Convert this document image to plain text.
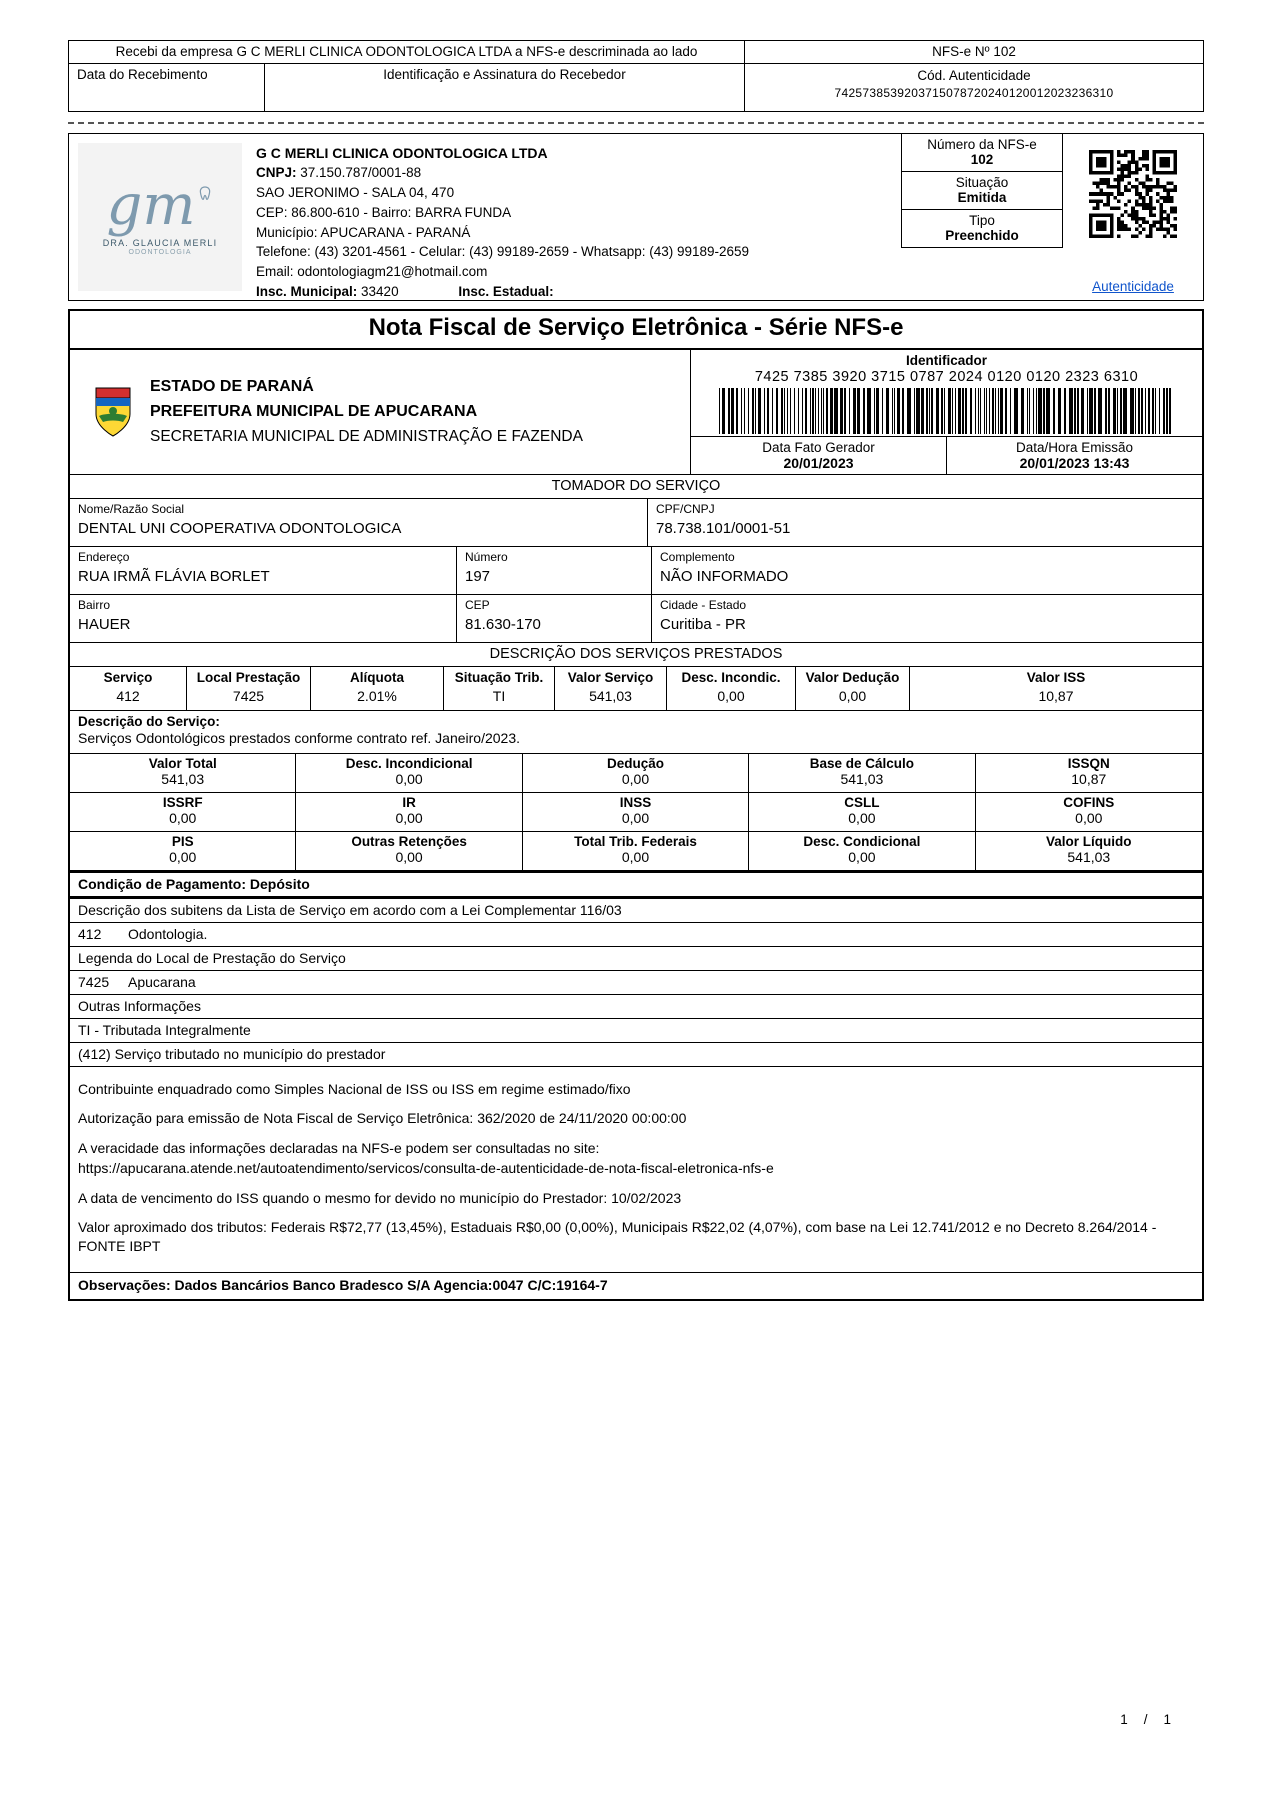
Recebi da empresa G C MERLI CLINICA ODONTOLOGICA LTDA a NFS-e descriminada ao lado
Data do Recebimento	Identificação e Assinatura do Recebedor
NFS-e Nº 102
Cód. Autenticidade
7425738539203715078720240120012023236310
gm
DRA. GLAUCIA MERLI
ODONTOLOGIA
G C MERLI CLINICA ODONTOLOGICA LTDA
CNPJ: 37.150.787/0001-88
SAO JERONIMO - SALA 04, 470
CEP: 86.800-610 - Bairro: BARRA FUNDA
Município: APUCARANA - PARANÁ
Telefone: (43) 3201-4561 - Celular: (43) 99189-2659 - Whatsapp: (43) 99189-2659
Email: odontologiagm21@hotmail.com
Insc. Municipal: 33420	Insc. Estadual:
Número da NFS-e
102
Situação
Emitida
Tipo
Preenchido
Autenticidade
Nota Fiscal de Serviço Eletrônica - Série NFS-e
ESTADO DE PARANÁ
PREFEITURA MUNICIPAL DE APUCARANA
SECRETARIA MUNICIPAL DE ADMINISTRAÇÃO E FAZENDA
Identificador
7425 7385 3920 3715 0787 2024 0120 0120 2323 6310
Data Fato Gerador
20/01/2023
Data/Hora Emissão
20/01/2023 13:43
TOMADOR DO SERVIÇO
Nome/Razão Social
DENTAL UNI COOPERATIVA ODONTOLOGICA
CPF/CNPJ
78.738.101/0001-51
Endereço
RUA IRMÃ FLÁVIA BORLET
Número
197
Complemento
NÃO INFORMADO
Bairro
HAUER
CEP
81.630-170
Cidade - Estado
Curitiba - PR
DESCRIÇÃO DOS SERVIÇOS PRESTADOS
Serviço
412
Local Prestação
7425
Alíquota
2.01%
Situação Trib.
TI
Valor Serviço
541,03
Desc. Incondic.
0,00
Valor Dedução
0,00
Valor ISS
10,87
Descrição do Serviço:
Serviços Odontológicos prestados conforme contrato ref. Janeiro/2023.
Valor Total
541,03
Desc. Incondicional
0,00
Dedução
0,00
Base de Cálculo
541,03
ISSQN
10,87
ISSRF
0,00
IR
0,00
INSS
0,00
CSLL
0,00
COFINS
0,00
PIS
0,00
Outras Retenções
0,00
Total Trib. Federais
0,00
Desc. Condicional
0,00
Valor Líquido
541,03
Condição de Pagamento: Depósito
Descrição dos subitens da Lista de Serviço em acordo com a Lei Complementar 116/03
412 Odontologia.
Legenda do Local de Prestação do Serviço
7425 Apucarana
Outras Informações
TI - Tributada Integralmente
(412) Serviço tributado no município do prestador

Contribuinte enquadrado como Simples Nacional de ISS ou ISS em regime estimado/fixo

Autorização para emissão de Nota Fiscal de Serviço Eletrônica: 362/2020 de 24/11/2020 00:00:00

A veracidade das informações declaradas na NFS-e podem ser consultadas no site:

https://apucarana.atende.net/autoatendimento/servicos/consulta-de-autenticidade-de-nota-fiscal-eletronica-nfs-e

A data de vencimento do ISS quando o mesmo for devido no município do Prestador: 10/02/2023

Valor aproximado dos tributos: Federais R$72,77 (13,45%), Estaduais R$0,00 (0,00%), Municipais R$22,02 (4,07%), com base na Lei 12.741/2012 e no Decreto 8.264/2014 - FONTE IBPT

Observações: Dados Bancários Banco Bradesco S/A Agencia:0047 C/C:19164-7
1 / 1
